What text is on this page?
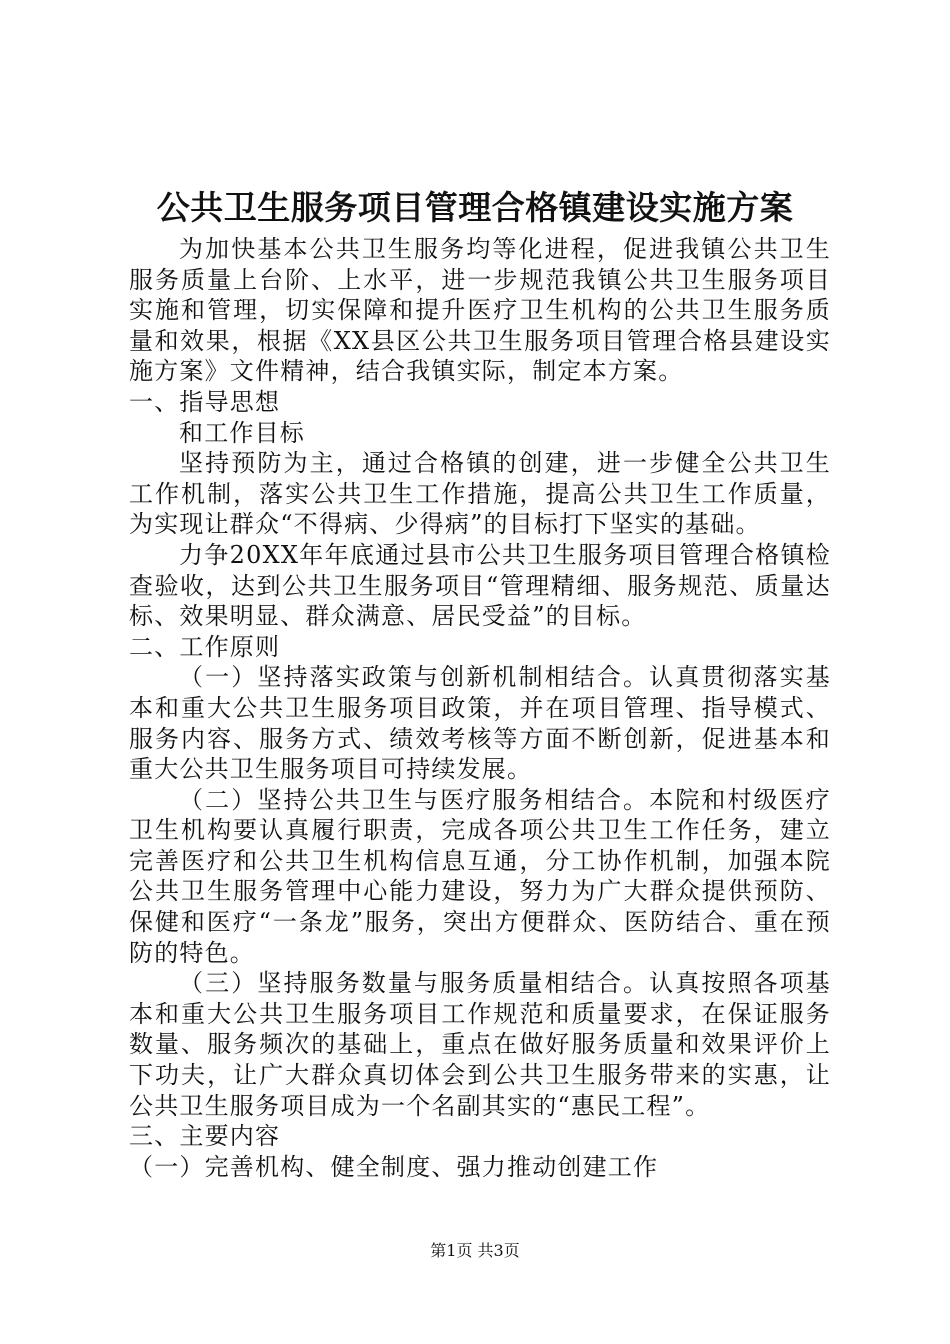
公共卫生服务项目管理合格镇建设实施方案

为加快基本公共卫生服务均等化进程，促进我镇公共卫生服务质量上台阶、上水平，进一步规范我镇公共卫生服务项目实施和管理，切实保障和提升医疗卫生机构的公共卫生服务质量和效果，根据《XX县区公共卫生服务项目管理合格县建设实施方案》文件精神，结合我镇实际，制定本方案。

一、指导思想

和工作目标

坚持预防为主，通过合格镇的创建，进一步健全公共卫生工作机制，落实公共卫生工作措施，提高公共卫生工作质量，为实现让群众“不得病、少得病”的目标打下坚实的基础。

力争20XX年年底通过县市公共卫生服务项目管理合格镇检查验收，达到公共卫生服务项目“管理精细、服务规范、质量达标、效果明显、群众满意、居民受益”的目标。

二、工作原则

（一）坚持落实政策与创新机制相结合。认真贯彻落实基本和重大公共卫生服务项目政策，并在项目管理、指导模式、服务内容、服务方式、绩效考核等方面不断创新，促进基本和重大公共卫生服务项目可持续发展。

（二）坚持公共卫生与医疗服务相结合。本院和村级医疗卫生机构要认真履行职责，完成各项公共卫生工作任务，建立完善医疗和公共卫生机构信息互通，分工协作机制，加强本院公共卫生服务管理中心能力建设，努力为广大群众提供预防、保健和医疗“一条龙”服务，突出方便群众、医防结合、重在预防的特色。

（三）坚持服务数量与服务质量相结合。认真按照各项基本和重大公共卫生服务项目工作规范和质量要求，在保证服务数量、服务频次的基础上，重点在做好服务质量和效果评价上下功夫，让广大群众真切体会到公共卫生服务带来的实惠，让公共卫生服务项目成为一个名副其实的“惠民工程”。

三、主要内容

（一）完善机构、健全制度、强力推动创建工作

第1页 共3页
